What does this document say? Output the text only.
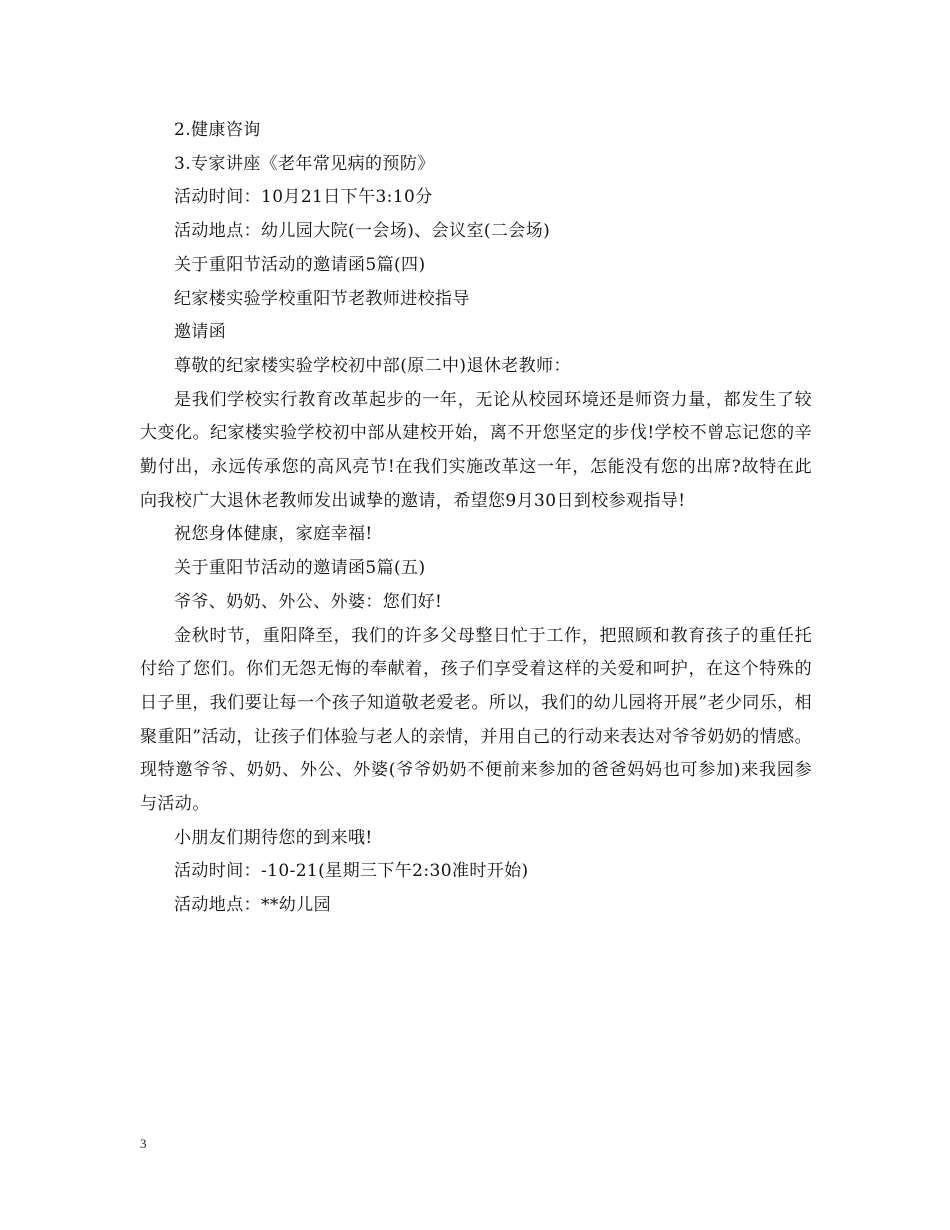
2.健康咨询

3.专家讲座《老年常见病的预防》

活动时间：10月21日下午3:10分

活动地点：幼儿园大院(一会场)、会议室(二会场)

关于重阳节活动的邀请函5篇(四)

纪家楼实验学校重阳节老教师进校指导

邀请函

尊敬的纪家楼实验学校初中部(原二中)退休老教师：

是我们学校实行教育改革起步的一年，无论从校园环境还是师资力量，都发生了较大变化。纪家楼实验学校初中部从建校开始，离不开您坚定的步伐!学校不曾忘记您的辛勤付出，永远传承您的高风亮节!在我们实施改革这一年，怎能没有您的出席?故特在此向我校广大退休老教师发出诚挚的邀请，希望您9月30日到校参观指导!

祝您身体健康，家庭幸福!

关于重阳节活动的邀请函5篇(五)

爷爷、奶奶、外公、外婆：您们好!

金秋时节，重阳降至，我们的许多父母整日忙于工作，把照顾和教育孩子的重任托付给了您们。你们无怨无悔的奉献着，孩子们享受着这样的关爱和呵护，在这个特殊的日子里，我们要让每一个孩子知道敬老爱老。所以，我们的幼儿园将开展”老少同乐，相聚重阳”活动，让孩子们体验与老人的亲情，并用自己的行动来表达对爷爷奶奶的情感。现特邀爷爷、奶奶、外公、外婆(爷爷奶奶不便前来参加的爸爸妈妈也可参加)来我园参与活动。

小朋友们期待您的到来哦!

活动时间：-10-21(星期三下午2:30准时开始)

活动地点：**幼儿园

3
